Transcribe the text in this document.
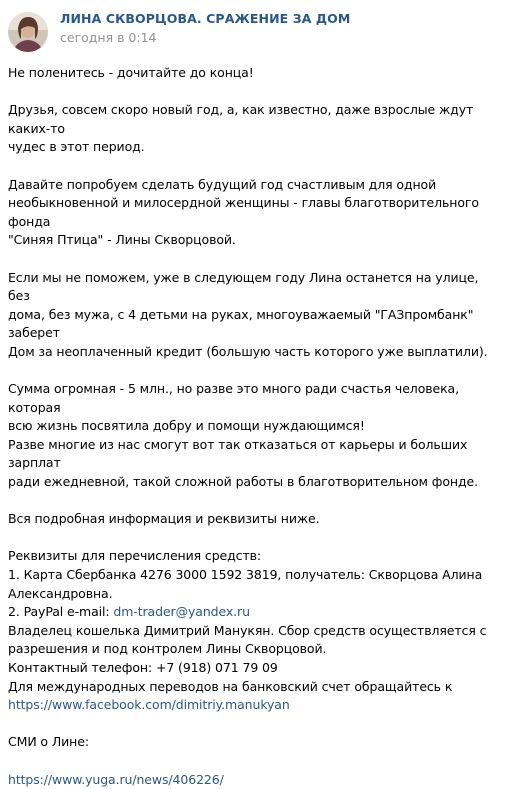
ЛИНА СКВОРЦОВА. СРАЖЕНИЕ ЗА ДОМ
сегодня в 0:14

Не поленитесь - дочитайте до конца!

Друзья, совсем скоро новый год, а, как известно, даже взрослые ждут каких-то
чудес в этот период.

Давайте попробуем сделать будущий год счастливым для одной
необыкновенной и милосердной женщины - главы благотворительного фонда
"Синяя Птица" - Лины Скворцовой.

Если мы не поможем, уже в следующем году Лина останется на улице, без
дома, без мужа, с 4 детьми на руках, многоуважаемый "ГАЗпромбанк" заберет
Дом за неоплаченный кредит (большую часть которого уже выплатили).

Сумма огромная - 5 млн., но разве это много ради счастья человека, которая
всю жизнь посвятила добру и помощи нуждающимся!
Разве многие из нас смогут вот так отказаться от карьеры и больших зарплат
ради ежедневной, такой сложной работы в благотворительном фонде.

Вся подробная информация и реквизиты ниже.

Реквизиты для перечисления средств:
1. Карта Сбербанка 4276 3000 1592 3819, получатель: Скворцова Алина
Александровна.
2. PayPal e-mail: dm-trader@yandex.ru
Владелец кошелька Димитрий Манукян. Сбор средств осуществляется с
разрешения и под контролем Лины Скворцовой.
Контактный телефон: +7 (918) 071 79 09
Для международных переводов на банковский счет обращайтесь к
https://www.facebook.com/dimitriy.manukyan

СМИ о Лине:

https://www.yuga.ru/news/406226/
